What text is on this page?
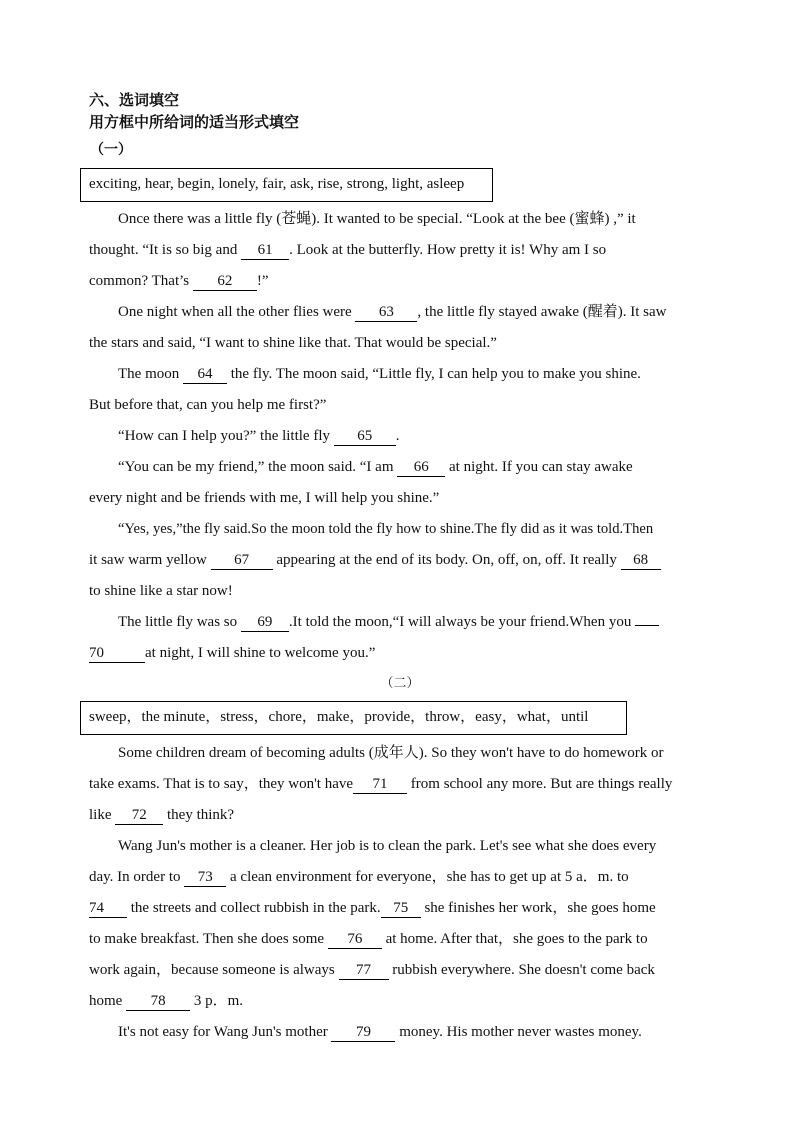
六、选词填空
用方框中所给词的适当形式填空
（一）
exciting, hear, begin, lonely, fair, ask, rise, strong, light, asleep
Once there was a little fly (苍蝇). It wanted to be special. “Look at the bee (蜜蜂) ,” it
thought. “It is so big and 61 . Look at the butterfly. How pretty it is! Why am I so
common? That’s 62 !”
One night when all the other flies were 63 , the little fly stayed awake (醒着). It saw
the stars and said, “I want to shine like that. That would be special.”
The moon 64 the fly. The moon said, “Little fly, I can help you to make you shine.
But before that, can you help me first?”
“How can I help you?” the little fly 65 .
“You can be my friend,” the moon said. “I am 66 at night. If you can stay awake
every night and be friends with me, I will help you shine.”
“Yes, yes,”the fly said.So the moon told the fly how to shine.The fly did as it was told.Then
it saw warm yellow 67 appearing at the end of its body. On, off, on, off. It really 68
to shine like a star now!
The little fly was so 69 .It told the moon,“I will always be your friend.When you
70	at night, I will shine to welcome you.”
（二）
sweep，the minute，stress，chore，make，provide，throw，easy，what，until
Some children dream of becoming adults (成年人). So they won't have to do homework or
take exams. That is to say，they won't have 71 from school any more. But are things really
like 72 they think?
Wang Jun's mother is a cleaner. Her job is to clean the park. Let's see what she does every
day. In order to 73 a clean environment for everyone，she has to get up at 5 a．m. to
74 the streets and collect rubbish in the park. 75 she finishes her work，she goes home
to make breakfast. Then she does some 76 at home. After that，she goes to the park to
work again，because someone is always 77 rubbish everywhere. She doesn't come back
home 78 3 p．m.
It's not easy for Wang Jun's mother 79 money. His mother never wastes money.
